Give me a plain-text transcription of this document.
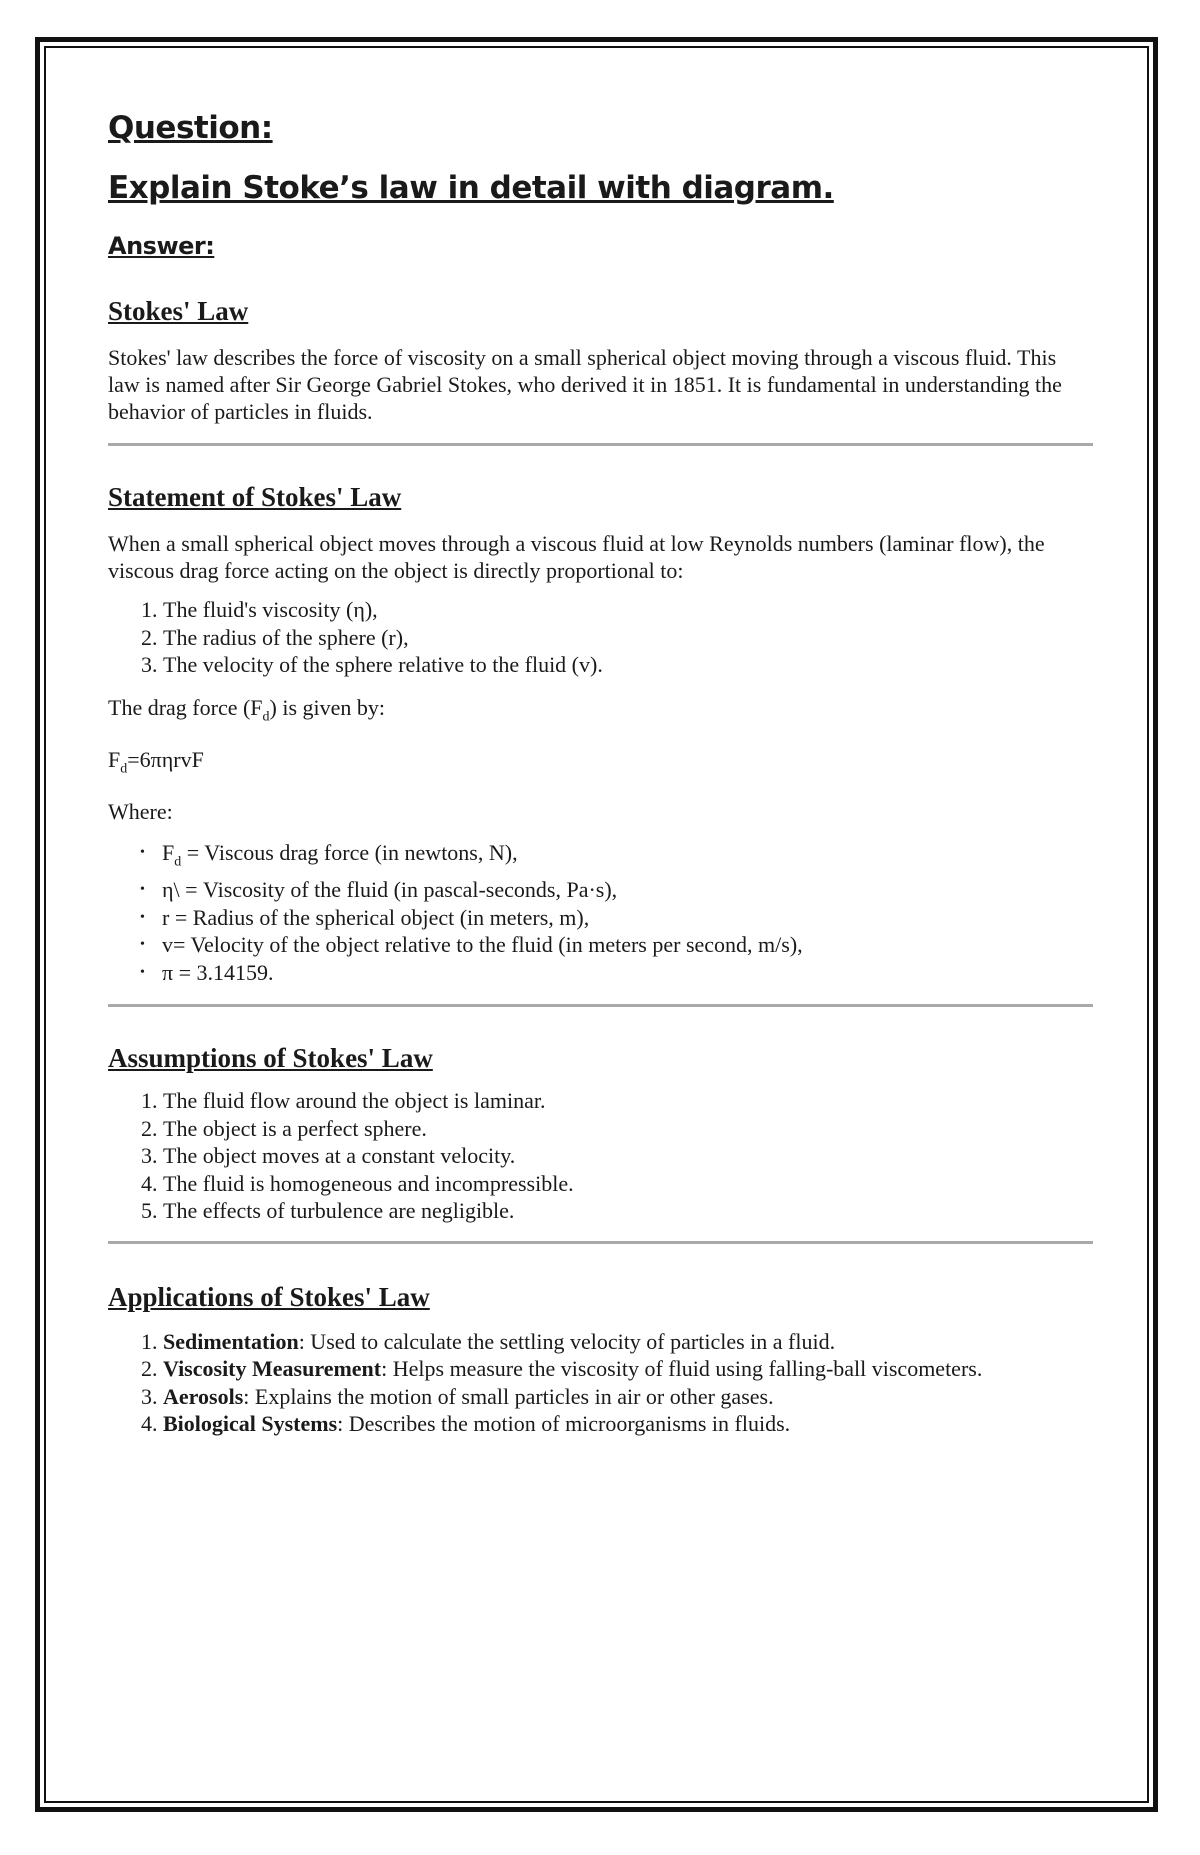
Question:
Explain Stoke’s law in detail with diagram.
Answer:
Stokes' Law

Stokes' law describes the force of viscosity on a small spherical object moving through a viscous fluid. This law is named after Sir George Gabriel Stokes, who derived it in 1851. It is fundamental in understanding the behavior of particles in fluids.

Statement of Stokes' Law

When a small spherical object moves through a viscous fluid at low Reynolds numbers (laminar flow), the viscous drag force acting on the object is directly proportional to:

1. The fluid's viscosity (η),
2. The radius of the sphere (r),
3. The velocity of the sphere relative to the fluid (v).

The drag force $(F_d)$ is given by:

$F_d=6\pi\eta rvF$

Where:

• $F_d$ = Viscous drag force (in newtons, N),
• η\ = Viscosity of the fluid (in pascal-seconds, Pa·s),
• r = Radius of the spherical object (in meters, m),
• v= Velocity of the object relative to the fluid (in meters per second, m/s),
• π = 3.14159.
Assumptions of Stokes' Law
1. The fluid flow around the object is laminar.
2. The object is a perfect sphere.
3. The object moves at a constant velocity.
4. The fluid is homogeneous and incompressible.
5. The effects of turbulence are negligible.
Applications of Stokes' Law
1. Sedimentation: Used to calculate the settling velocity of particles in a fluid.
2. Viscosity Measurement: Helps measure the viscosity of fluid using falling-ball viscometers.
3. Aerosols: Explains the motion of small particles in air or other gases.
4. Biological Systems: Describes the motion of microorganisms in fluids.
